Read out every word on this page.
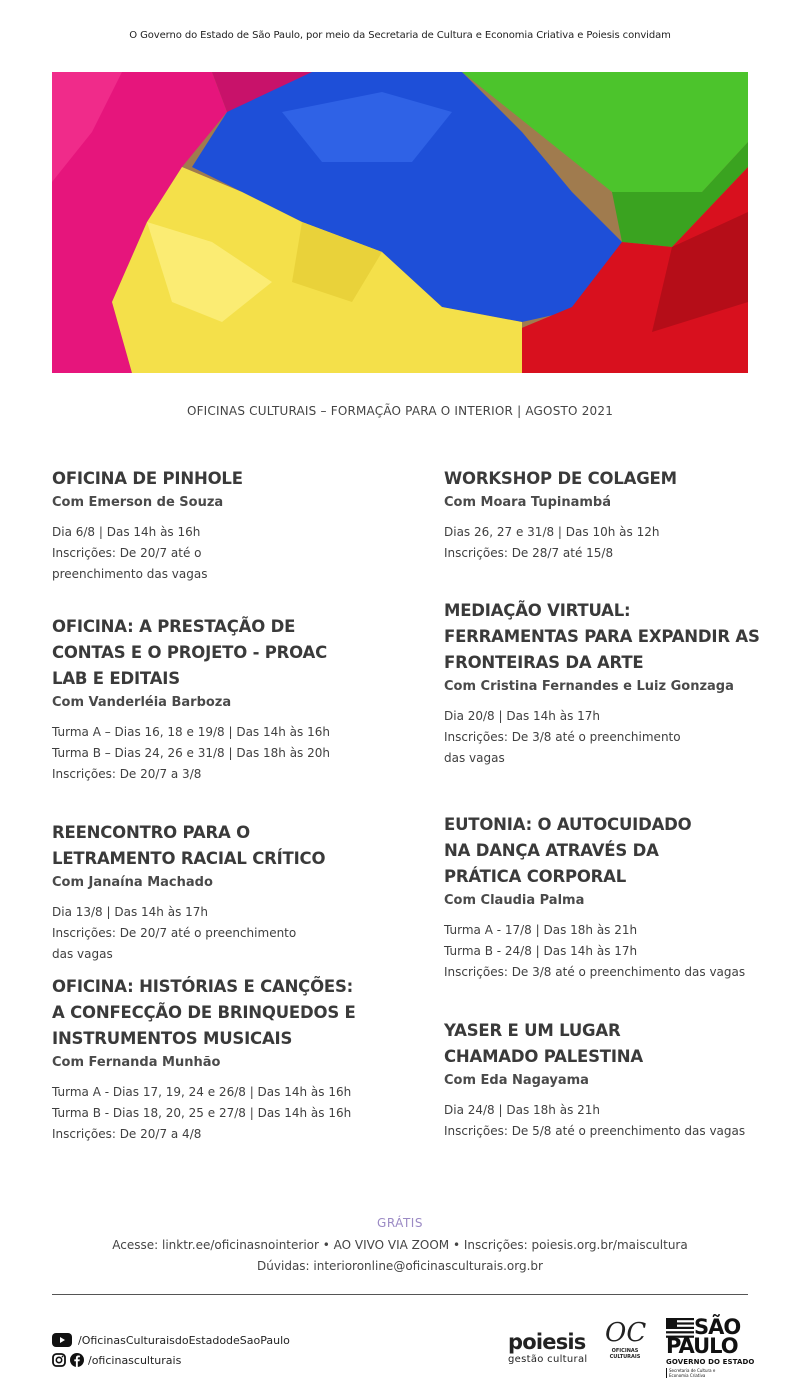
O Governo do Estado de São Paulo, por meio da Secretaria de Cultura e Economia Criativa e Poiesis convidam
OFICINAS CULTURAIS – FORMAÇÃO PARA O INTERIOR | AGOSTO 2021
OFICINA DE PINHOLE

Com Emerson de Souza

Dia 6/8 | Das 14h às 16h
Inscrições: De 20/7 até o
preenchimento das vagas

OFICINA: A PRESTAÇÃO DE
CONTAS E O PROJETO - PROAC
LAB E EDITAIS

Com Vanderléia Barboza

Turma A – Dias 16, 18 e 19/8 | Das 14h às 16h
Turma B – Dias 24, 26 e 31/8 | Das 18h às 20h
Inscrições: De 20/7 a 3/8

REENCONTRO PARA O
LETRAMENTO RACIAL CRÍTICO

Com Janaína Machado

Dia 13/8 | Das 14h às 17h
Inscrições: De 20/7 até o preenchimento
das vagas

OFICINA: HISTÓRIAS E CANÇÕES:
A CONFECÇÃO DE BRINQUEDOS E
INSTRUMENTOS MUSICAIS

Com Fernanda Munhão

Turma A - Dias 17, 19, 24 e 26/8 | Das 14h às 16h
Turma B - Dias 18, 20, 25 e 27/8 | Das 14h às 16h
Inscrições: De 20/7 a 4/8

WORKSHOP DE COLAGEM

Com Moara Tupinambá

Dias 26, 27 e 31/8 | Das 10h às 12h
Inscrições: De 28/7 até 15/8

MEDIAÇÃO VIRTUAL:
FERRAMENTAS PARA EXPANDIR AS
FRONTEIRAS DA ARTE

Com Cristina Fernandes e Luiz Gonzaga

Dia 20/8 | Das 14h às 17h
Inscrições: De 3/8 até o preenchimento
das vagas

EUTONIA: O AUTOCUIDADO
NA DANÇA ATRAVÉS DA
PRÁTICA CORPORAL

Com Claudia Palma

Turma A - 17/8 | Das 18h às 21h
Turma B - 24/8 | Das 14h às 17h
Inscrições: De 3/8 até o preenchimento das vagas

YASER E UM LUGAR
CHAMADO PALESTINA

Com Eda Nagayama

Dia 24/8 | Das 18h às 21h
Inscrições: De 5/8 até o preenchimento das vagas

GRÁTIS
Acesse: linktr.ee/oficinasnointerior • AO VIVO VIA ZOOM • Inscrições: poiesis.org.br/maiscultura
Dúvidas: interioronline@oficinasculturais.org.br
/OficinasCulturaisdoEstadodeSaoPaulo
/oficinasculturais
poiesis
gestão cultural
OC
OFICINAS CULTURAIS
SÃO
PAULO
GOVERNO DO ESTADO
Secretaria de Cultura e Economia Criativa
